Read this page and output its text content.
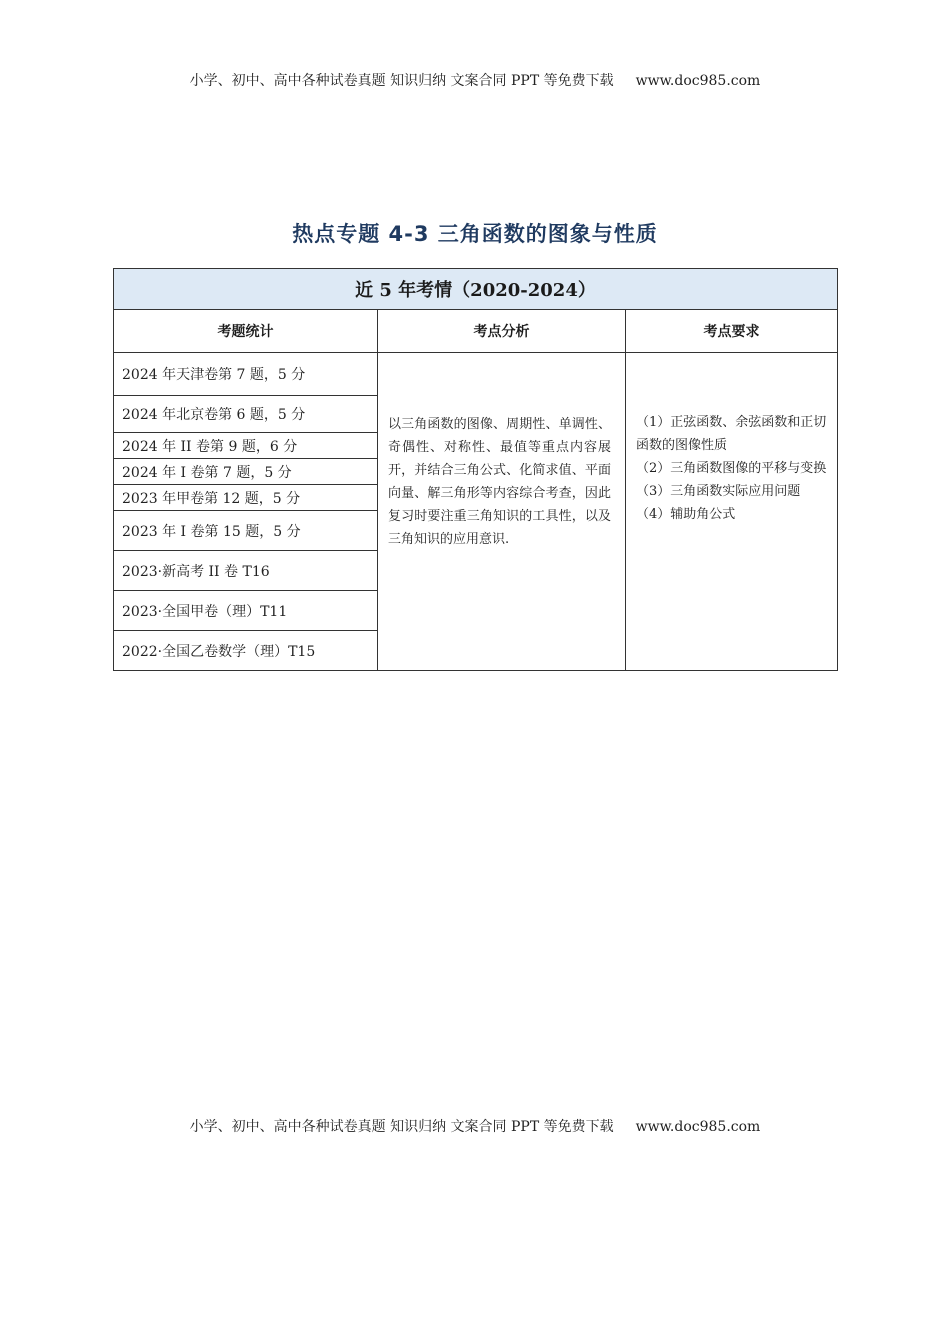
小学、初中、高中各种试卷真题 知识归纳 文案合同 PPT 等免费下载 www.doc985.com
热点专题 4-3 三角函数的图象与性质
近 5 年考情（2020-2024）		
考题统计	考点分析	考点要求
2024 年天津卷第 7 题，5 分	以三角函数的图像、周期性、单调性、奇偶性、对称性、最值等重点内容展开，并结合三角公式、化简求值、平面向量、解三角形等内容综合考查，因此复习时要注重三角知识的工具性，以及三角知识的应用意识.	（1）正弦函数、余弦函数和正切函数的图像性质
（2）三角函数图像的平移与变换
（3）三角函数实际应用问题
（4）辅助角公式

2024 年北京卷第 6 题，5 分		
2024 年 II 卷第 9 题，6 分		
2024 年 I 卷第 7 题，5 分		
2023 年甲卷第 12 题，5 分		
2023 年 I 卷第 15 题，5 分		
2023·新高考 II 卷 T16		
2023·全国甲卷（理）T11		
2022·全国乙卷数学（理）T15		
小学、初中、高中各种试卷真题 知识归纳 文案合同 PPT 等免费下载 www.doc985.com
